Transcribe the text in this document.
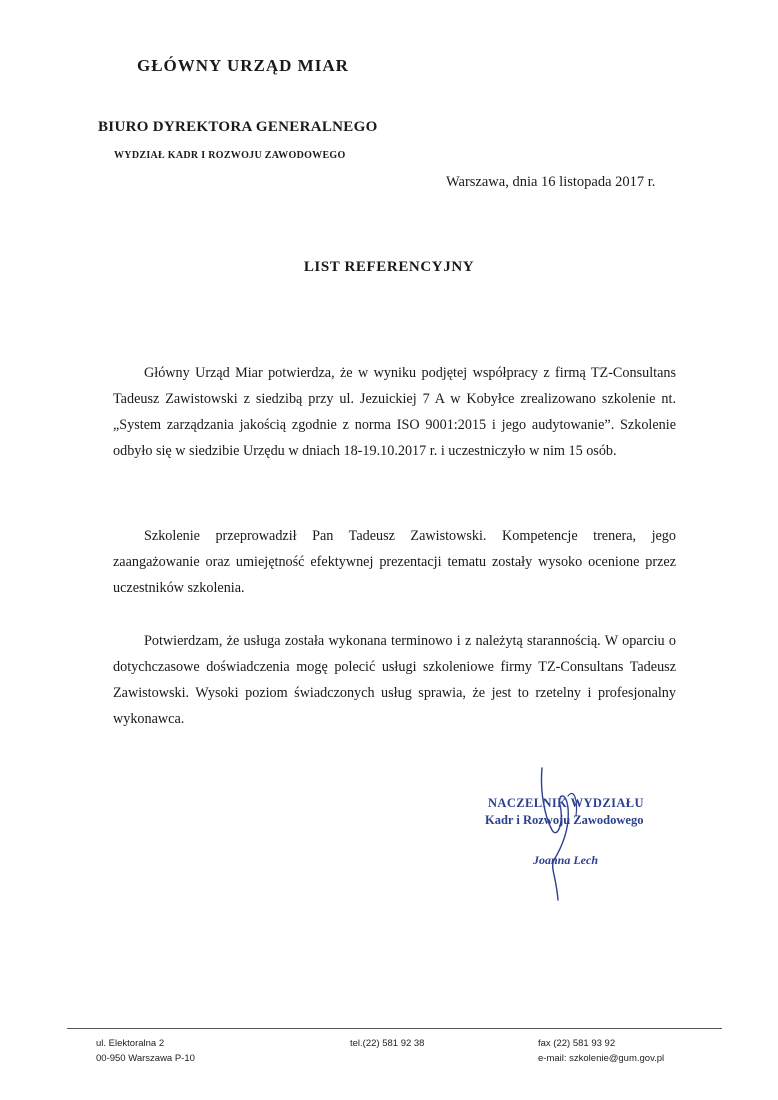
GŁÓWNY URZĄD MIAR
BIURO DYREKTORA GENERALNEGO
WYDZIAŁ KADR I ROZWOJU ZAWODOWEGO
Warszawa, dnia 16 listopada 2017 r.
LIST REFERENCYJNY

Główny Urząd Miar potwierdza, że w wyniku podjętej współpracy z firmą TZ-Consultans Tadeusz Zawistowski z siedzibą przy ul. Jezuickiej 7 A w Kobyłce zrealizowano szkolenie nt. „System zarządzania jakością zgodnie z norma ISO 9001:2015 i jego audytowanie”. Szkolenie odbyło się w siedzibie Urzędu w dniach 18-19.10.2017 r. i uczestniczyło w nim 15 osób.

Szkolenie przeprowadził Pan Tadeusz Zawistowski. Kompetencje trenera, jego zaangażowanie oraz umiejętność efektywnej prezentacji tematu zostały wysoko ocenione przez uczestników szkolenia.

Potwierdzam, że usługa została wykonana terminowo i z należytą starannością. W oparciu o dotychczasowe doświadczenia mogę polecić usługi szkoleniowe firmy TZ-Consultans Tadeusz Zawistowski. Wysoki poziom świadczonych usług sprawia, że jest to rzetelny i profesjonalny wykonawca.

NACZELNIK WYDZIAŁU
Kadr i Rozwoju Zawodowego
Joanna Lech
ul. Elektoralna 2
00-950 Warszawa P-10
tel.(22) 581 92 38	fax (22) 581 93 92
e-mail: szkolenie@gum.gov.pl
